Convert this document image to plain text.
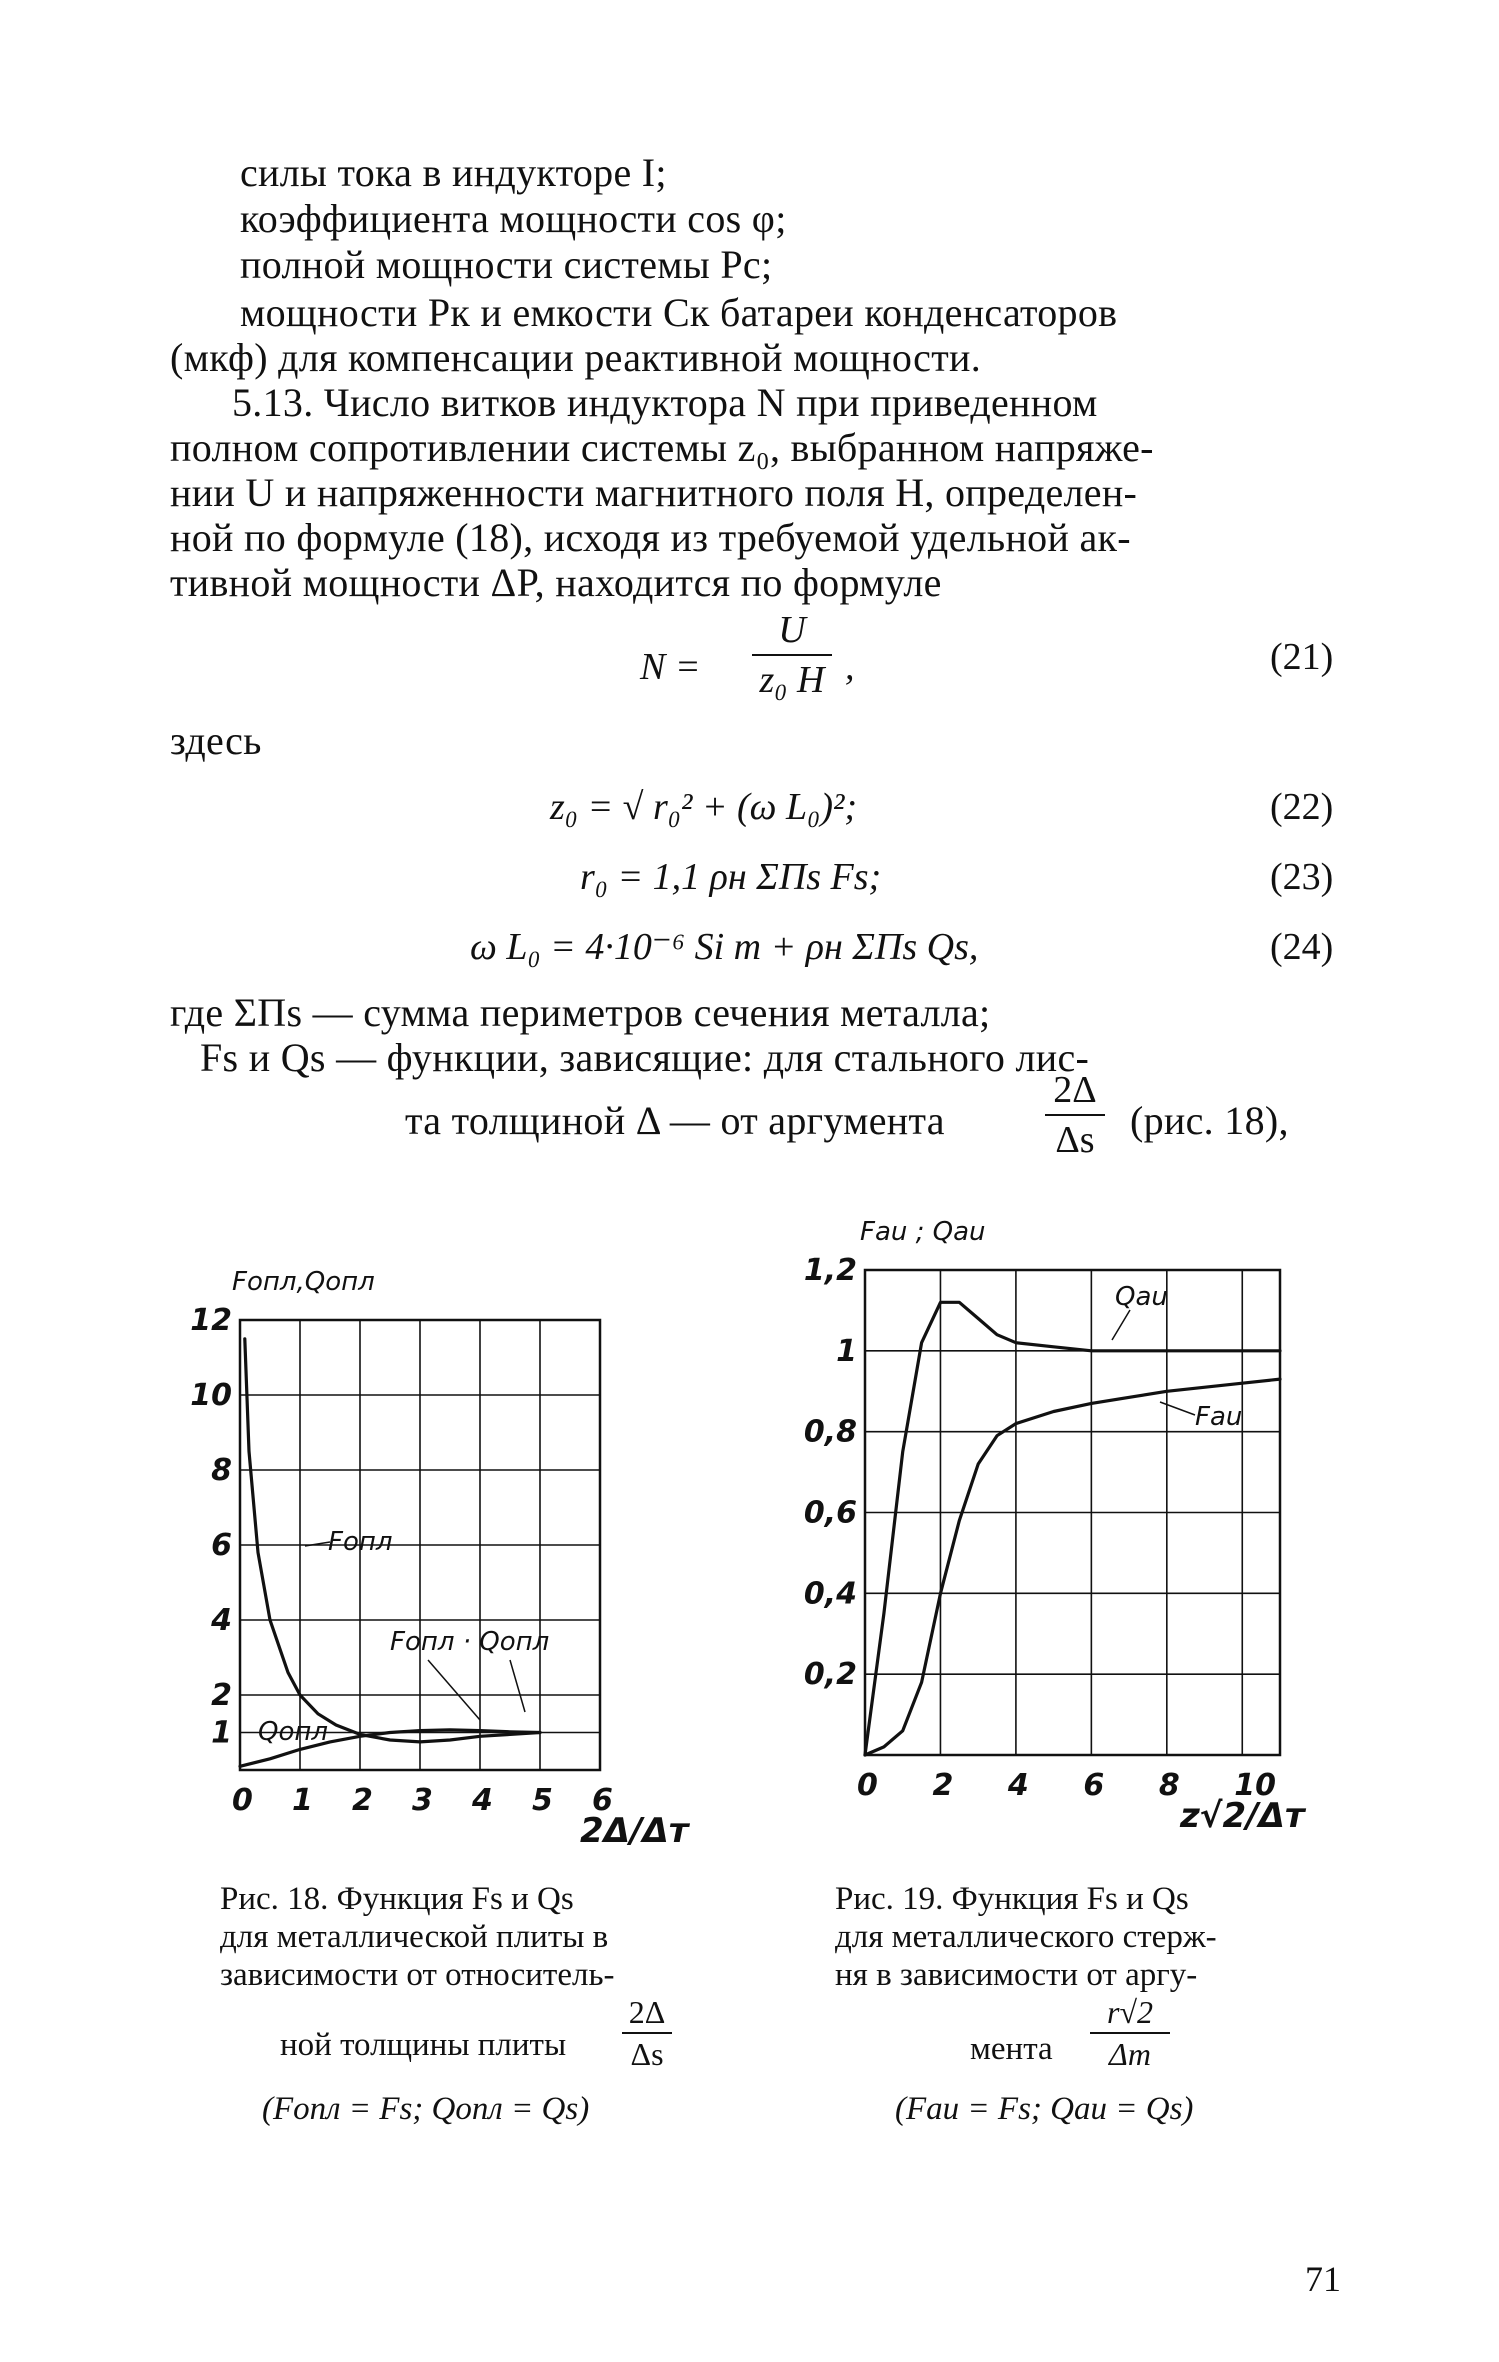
силы тока в индукторе I;
коэффициента мощности cos φ;
полной мощности системы Pc;
мощности Pк и емкости Cк батареи конденсаторов
(мкф) для компенсации реактивной мощности.
5.13. Число витков индуктора N при приведенном
полном сопротивлении системы z₀, выбранном напряже-
нии U и напряженности магнитного поля H, определен-
ной по формуле (18), исходя из требуемой удельной ак-
тивной мощности ΔP, находится по формуле
N =
U
z₀ H ,	(21)
здесь
z₀ = √ r₀² + (ω L₀)²;	(22)
r₀ = 1,1 ρн ΣΠs Fs;	(23)
ω L₀ = 4·10⁻⁶ Si m + ρн ΣΠs Qs,	(24)
где ΣΠs — сумма периметров сечения металла;
Fs и Qs — функции, зависящие: для стального лис-
та толщиной Δ — от аргумента
2Δ
Δs (рис. 18),
Fопл,Qопл
2Δ/Δт
0 1 2 3 4 5 6
1
2
4
6
8
10
12
Fопл
Fопл · Qопл
Qопл
Рис. 18. Функция Fs и Qs
для металлической плиты в
зависимости от относитель-
ной толщины плиты
2Δ
Δs
(Fопл = Fs; Qопл = Qs)
Fau ; Qau
z√2/Δт
0 2 4 6 8 10
0,2
0,4
0,6
0,8
1
1,2
Qau
Fau
Рис. 19. Функция Fs и Qs
для металлического стерж-
ня в зависимости от аргу-
мента
r√2
Δт
(Fau = Fs; Qau = Qs)
71
